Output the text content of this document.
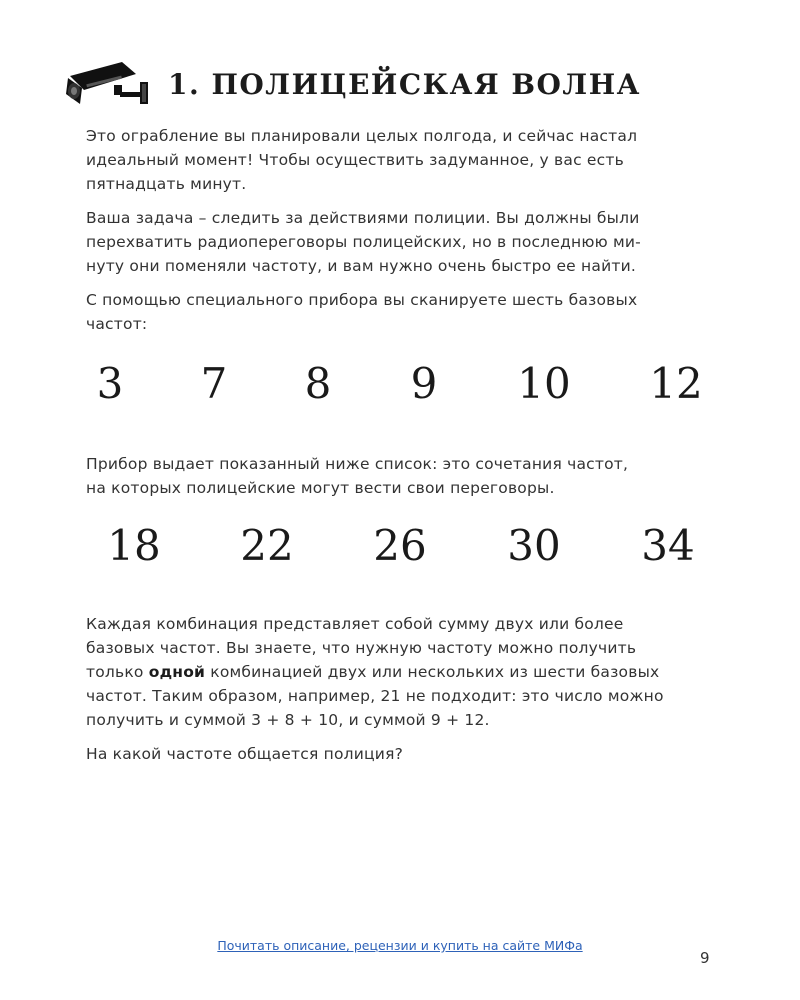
1. ПОЛИЦЕЙСКАЯ ВОЛНА

Это ограбление вы планировали целых полгода, и сейчас настал
идеальный момент! Чтобы осуществить задуманное, у вас есть
пятнадцать минут.

Ваша задача – следить за действиями полиции. Вы должны были
перехватить радиопереговоры полицейских, но в последнюю ми-
нуту они поменяли частоту, и вам нужно очень быстро ее найти.

С помощью специального прибора вы сканируете шесть базовых
частот:

3 7 8 9 10 12

Прибор выдает показанный ниже список: это сочетания частот,
на которых полицейские могут вести свои переговоры.

18 22 26 30 34

Каждая комбинация представляет собой сумму двух или более
базовых частот. Вы знаете, что нужную частоту можно получить
только одной комбинацией двух или нескольких из шести базовых
частот. Таким образом, например, 21 не подходит: это число можно
получить и суммой 3 + 8 + 10, и суммой 9 + 12.

На какой частоте общается полиция?

Почитать описание, рецензии и купить на сайте МИФа
9
